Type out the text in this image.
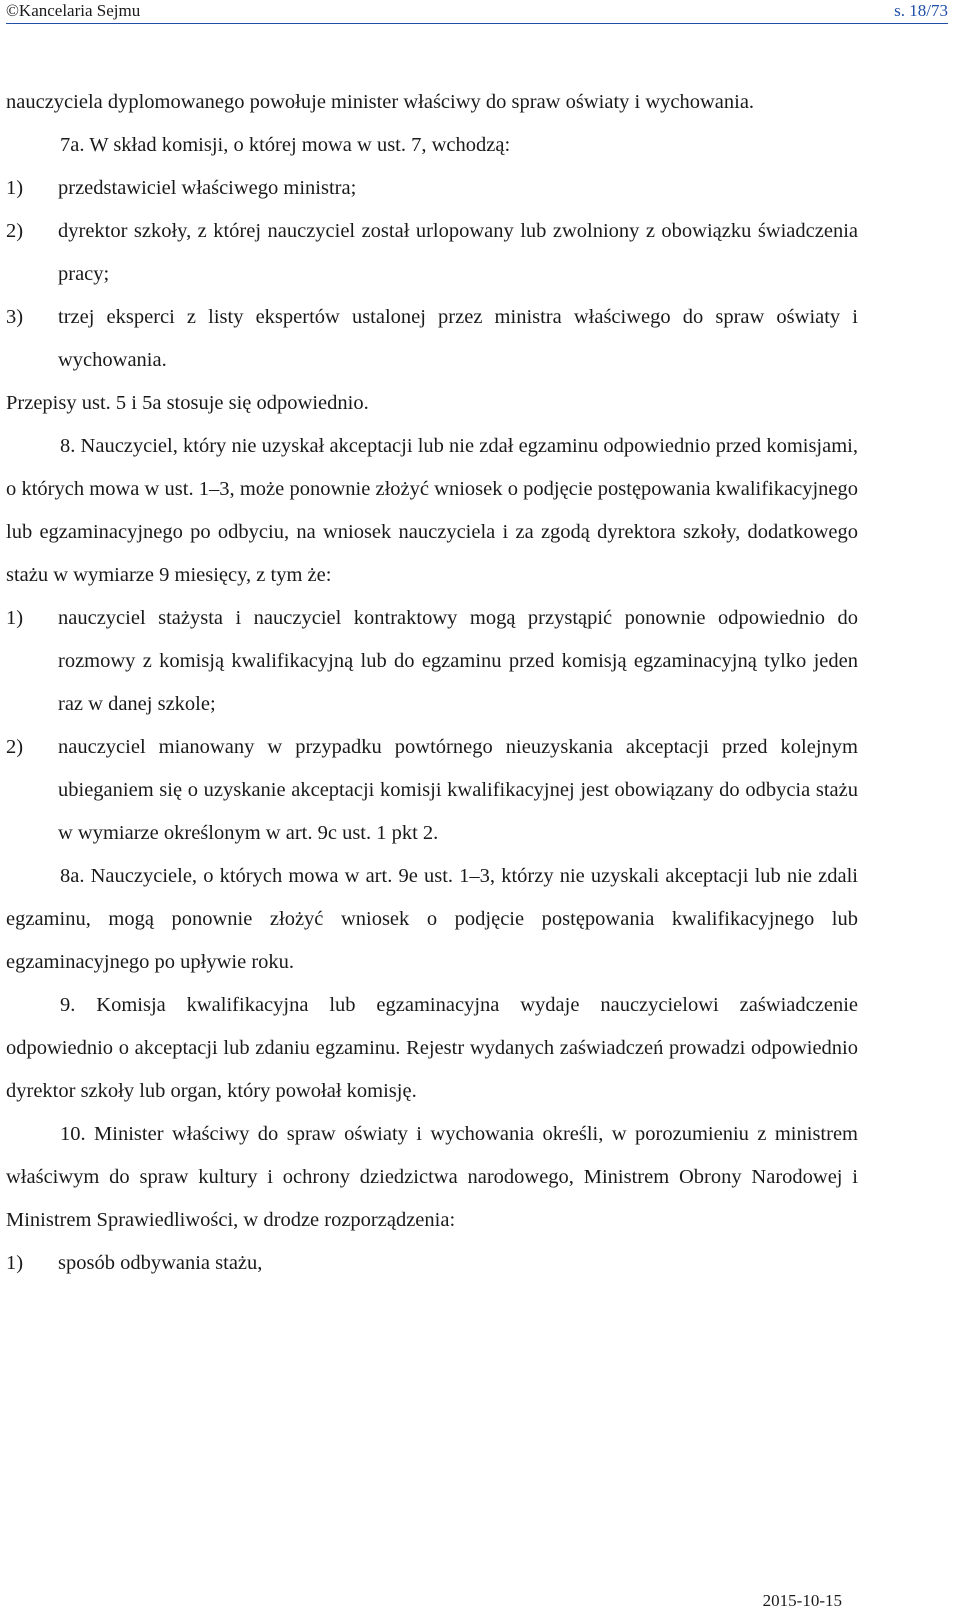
©Kancelaria Sejmu	s. 18/73

nauczyciela dyplomowanego powołuje minister właściwy do spraw oświaty i wychowania.

7a. W skład komisji, o której mowa w ust. 7, wchodzą:

1) przedstawiciel właściwego ministra;
2) dyrektor szkoły, z której nauczyciel został urlopowany lub zwolniony z obowiązku świadczenia pracy;
3) trzej eksperci z listy ekspertów ustalonej przez ministra właściwego do spraw oświaty i wychowania.

Przepisy ust. 5 i 5a stosuje się odpowiednio.

8. Nauczyciel, który nie uzyskał akceptacji lub nie zdał egzaminu odpowiednio przed komisjami, o których mowa w ust. 1–3, może ponownie złożyć wniosek o podjęcie postępowania kwalifikacyjnego lub egzaminacyjnego po odbyciu, na wniosek nauczyciela i za zgodą dyrektora szkoły, dodatkowego stażu w wymiarze 9 miesięcy, z tym że:

1) nauczyciel stażysta i nauczyciel kontraktowy mogą przystąpić ponownie odpowiednio do rozmowy z komisją kwalifikacyjną lub do egzaminu przed komisją egzaminacyjną tylko jeden raz w danej szkole;
2) nauczyciel mianowany w przypadku powtórnego nieuzyskania akceptacji przed kolejnym ubieganiem się o uzyskanie akceptacji komisji kwalifikacyjnej jest obowiązany do odbycia stażu w wymiarze określonym w art. 9c ust. 1 pkt 2.

8a. Nauczyciele, o których mowa w art. 9e ust. 1–3, którzy nie uzyskali akceptacji lub nie zdali egzaminu, mogą ponownie złożyć wniosek o podjęcie postępowania kwalifikacyjnego lub egzaminacyjnego po upływie roku.

9. Komisja kwalifikacyjna lub egzaminacyjna wydaje nauczycielowi zaświadczenie odpowiednio o akceptacji lub zdaniu egzaminu. Rejestr wydanych zaświadczeń prowadzi odpowiednio dyrektor szkoły lub organ, który powołał komisję.

10. Minister właściwy do spraw oświaty i wychowania określi, w porozumieniu z ministrem właściwym do spraw kultury i ochrony dziedzictwa narodowego, Ministrem Obrony Narodowej i Ministrem Sprawiedliwości, w drodze rozporządzenia:

1) sposób odbywania stażu,
2015-10-15
